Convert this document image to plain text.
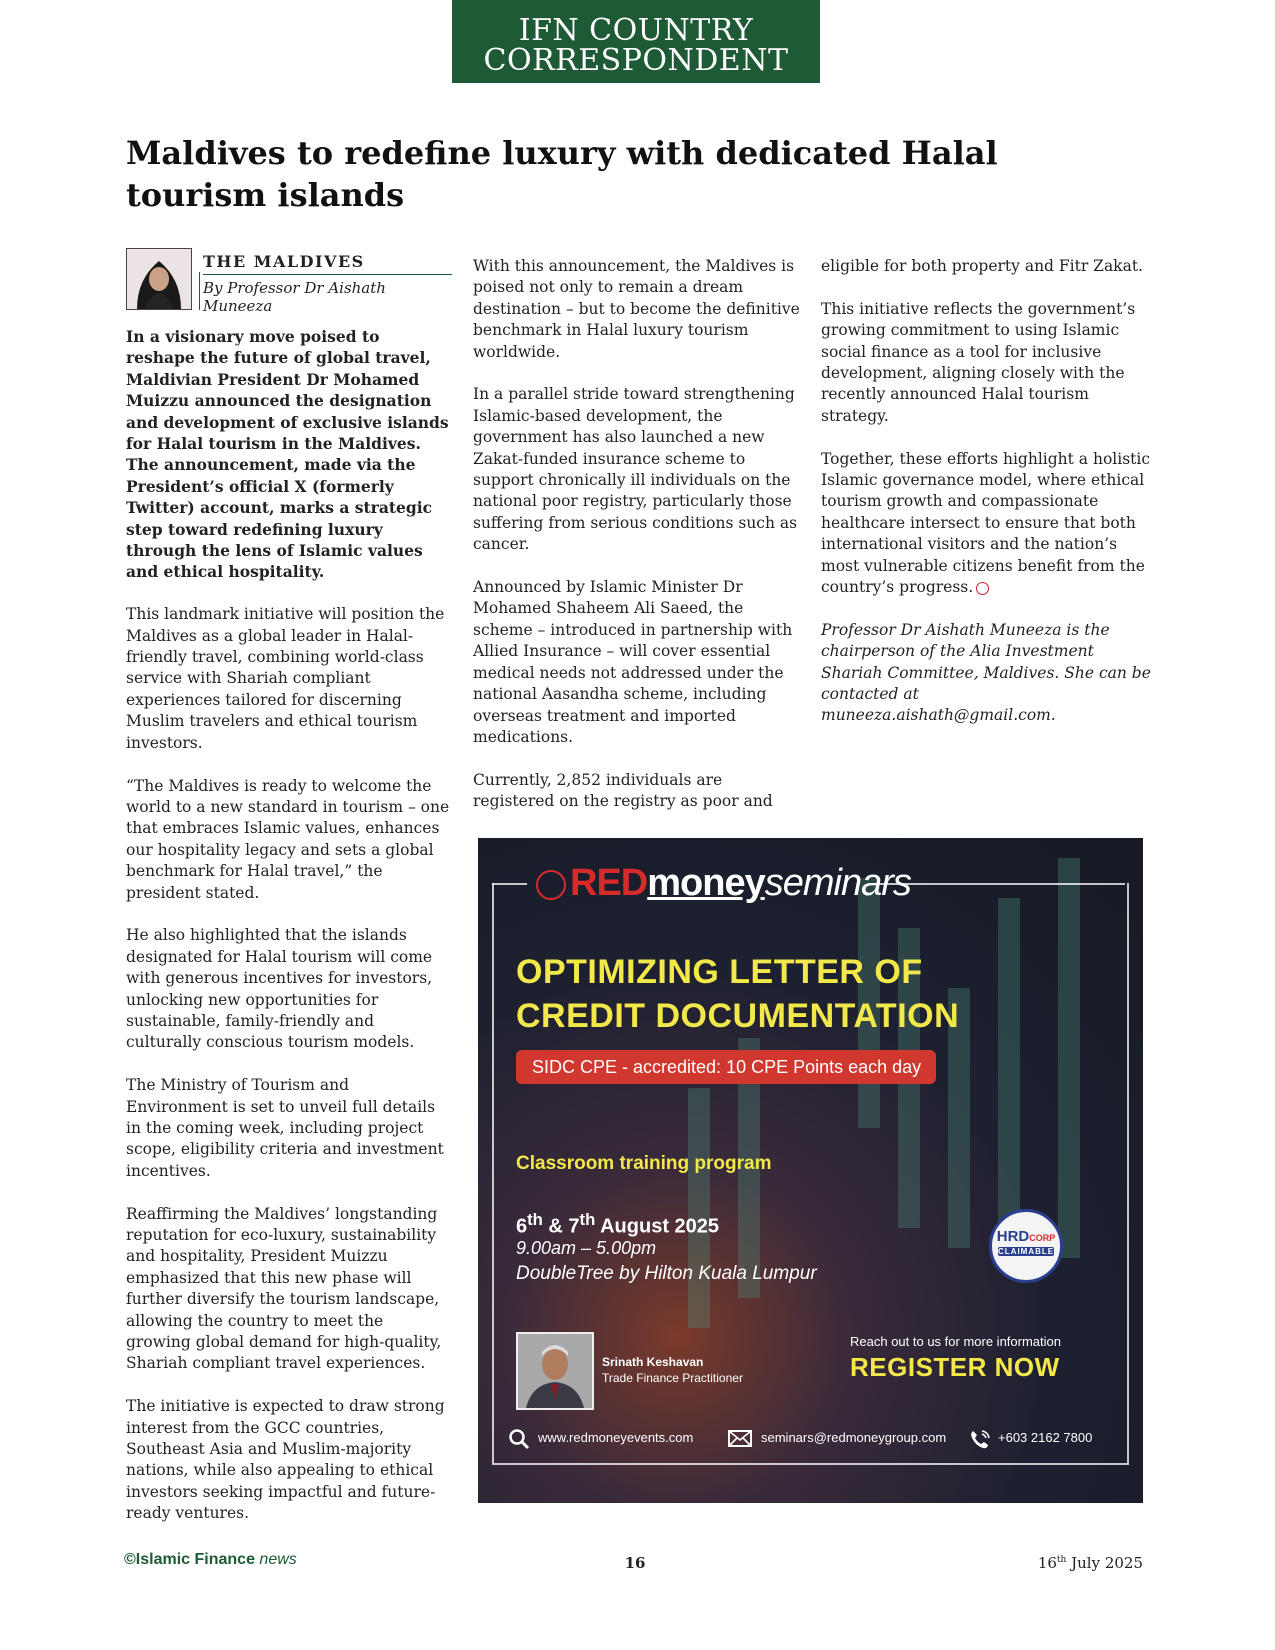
IFN COUNTRY
CORRESPONDENT
Maldives to redefine luxury with dedicated Halal tourism islands
THE MALDIVES
By Professor Dr Aishath Muneeza

In a visionary move poised to reshape the future of global travel, Maldivian President Dr Mohamed Muizzu announced the designation and development of exclusive islands for Halal tourism in the Maldives. The announcement, made via the President’s official X (formerly Twitter) account, marks a strategic step toward redefining luxury through the lens of Islamic values and ethical hospitality.

This landmark initiative will position the Maldives as a global leader in Halal-friendly travel, combining world-class service with Shariah compliant experiences tailored for discerning Muslim travelers and ethical tourism investors.

“The Maldives is ready to welcome the world to a new standard in tourism – one that embraces Islamic values, enhances our hospitality legacy and sets a global benchmark for Halal travel,” the president stated.

He also highlighted that the islands designated for Halal tourism will come with generous incentives for investors, unlocking new opportunities for sustainable, family-friendly and culturally conscious tourism models.

The Ministry of Tourism and Environment is set to unveil full details in the coming week, including project scope, eligibility criteria and investment incentives.

Reaffirming the Maldives’ longstanding reputation for eco-luxury, sustainability and hospitality, President Muizzu emphasized that this new phase will further diversify the tourism landscape, allowing the country to meet the growing global demand for high-quality, Shariah compliant travel experiences.

The initiative is expected to draw strong interest from the GCC countries, Southeast Asia and Muslim-majority nations, while also appealing to ethical investors seeking impactful and future-ready ventures.

With this announcement, the Maldives is poised not only to remain a dream destination – but to become the definitive benchmark in Halal luxury tourism worldwide.

In a parallel stride toward strengthening Islamic-based development, the government has also launched a new Zakat-funded insurance scheme to support chronically ill individuals on the national poor registry, particularly those suffering from serious conditions such as cancer.

Announced by Islamic Minister Dr Mohamed Shaheem Ali Saeed, the scheme – introduced in partnership with Allied Insurance – will cover essential medical needs not addressed under the national Aasandha scheme, including overseas treatment and imported medications.

Currently, 2,852 individuals are registered on the registry as poor and

eligible for both property and Fitr Zakat.

This initiative reflects the government’s growing commitment to using Islamic social finance as a tool for inclusive development, aligning closely with the recently announced Halal tourism strategy.

Together, these efforts highlight a holistic Islamic governance model, where ethical tourism growth and compassionate healthcare intersect to ensure that both international visitors and the nation’s most vulnerable citizens benefit from the country’s progress.

Professor Dr Aishath Muneeza is the chairperson of the Alia Investment Shariah Committee, Maldives. She can be contacted at muneeza.aishath@gmail.com.

REDmoneyseminars
OPTIMIZING LETTER OF
CREDIT DOCUMENTATION
SIDC CPE - accredited: 10 CPE Points each day
Classroom training program
6th & 7th August 2025
9.00am – 5.00pm
DoubleTree by Hilton Kuala Lumpur
HRDCORP
CLAIMABLE
Srinath Keshavan
Trade Finance Practitioner
Reach out to us for more information
REGISTER NOW
www.redmoneyevents.com	seminars@redmoneygroup.com	+603 2162 7800
©Islamic Finance news	16	16th July 2025
